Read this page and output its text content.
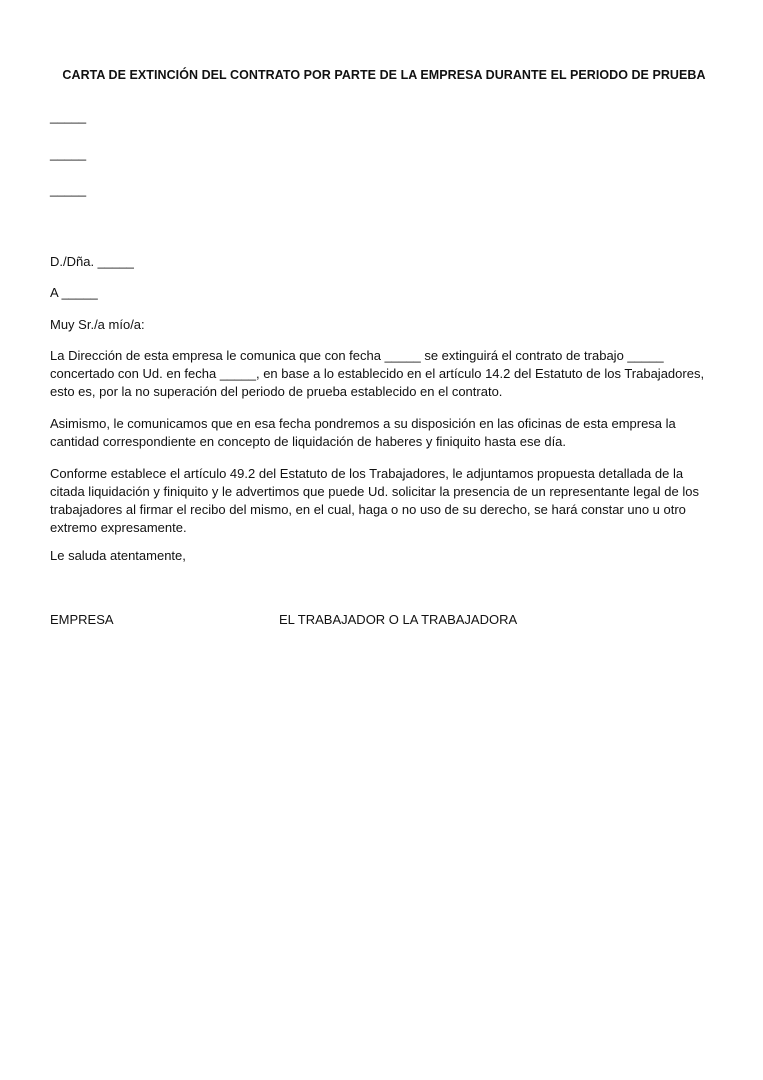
CARTA DE EXTINCIÓN DEL CONTRATO POR PARTE DE LA EMPRESA DURANTE EL PERIODO DE PRUEBA

_____
_____
_____

D./Dña. _____

A _____

Muy Sr./a mío/a:

La Dirección de esta empresa le comunica que con fecha _____ se extinguirá el contrato de trabajo _____ concertado con Ud. en fecha _____, en base a lo establecido en el artículo 14.2 del Estatuto de los Trabajadores, esto es, por la no superación del periodo de prueba establecido en el contrato.

Asimismo, le comunicamos que en esa fecha pondremos a su disposición en las oficinas de esta empresa la cantidad correspondiente en concepto de liquidación de haberes y finiquito hasta ese día.

Conforme establece el artículo 49.2 del Estatuto de los Trabajadores, le adjuntamos propuesta detallada de la citada liquidación y finiquito y le advertimos que puede Ud. solicitar la presencia de un representante legal de los trabajadores al firmar el recibo del mismo, en el cual, haga o no uso de su derecho, se hará constar uno u otro extremo expresamente.

Le saluda atentamente,

EMPRESA	EL TRABAJADOR O LA TRABAJADORA
